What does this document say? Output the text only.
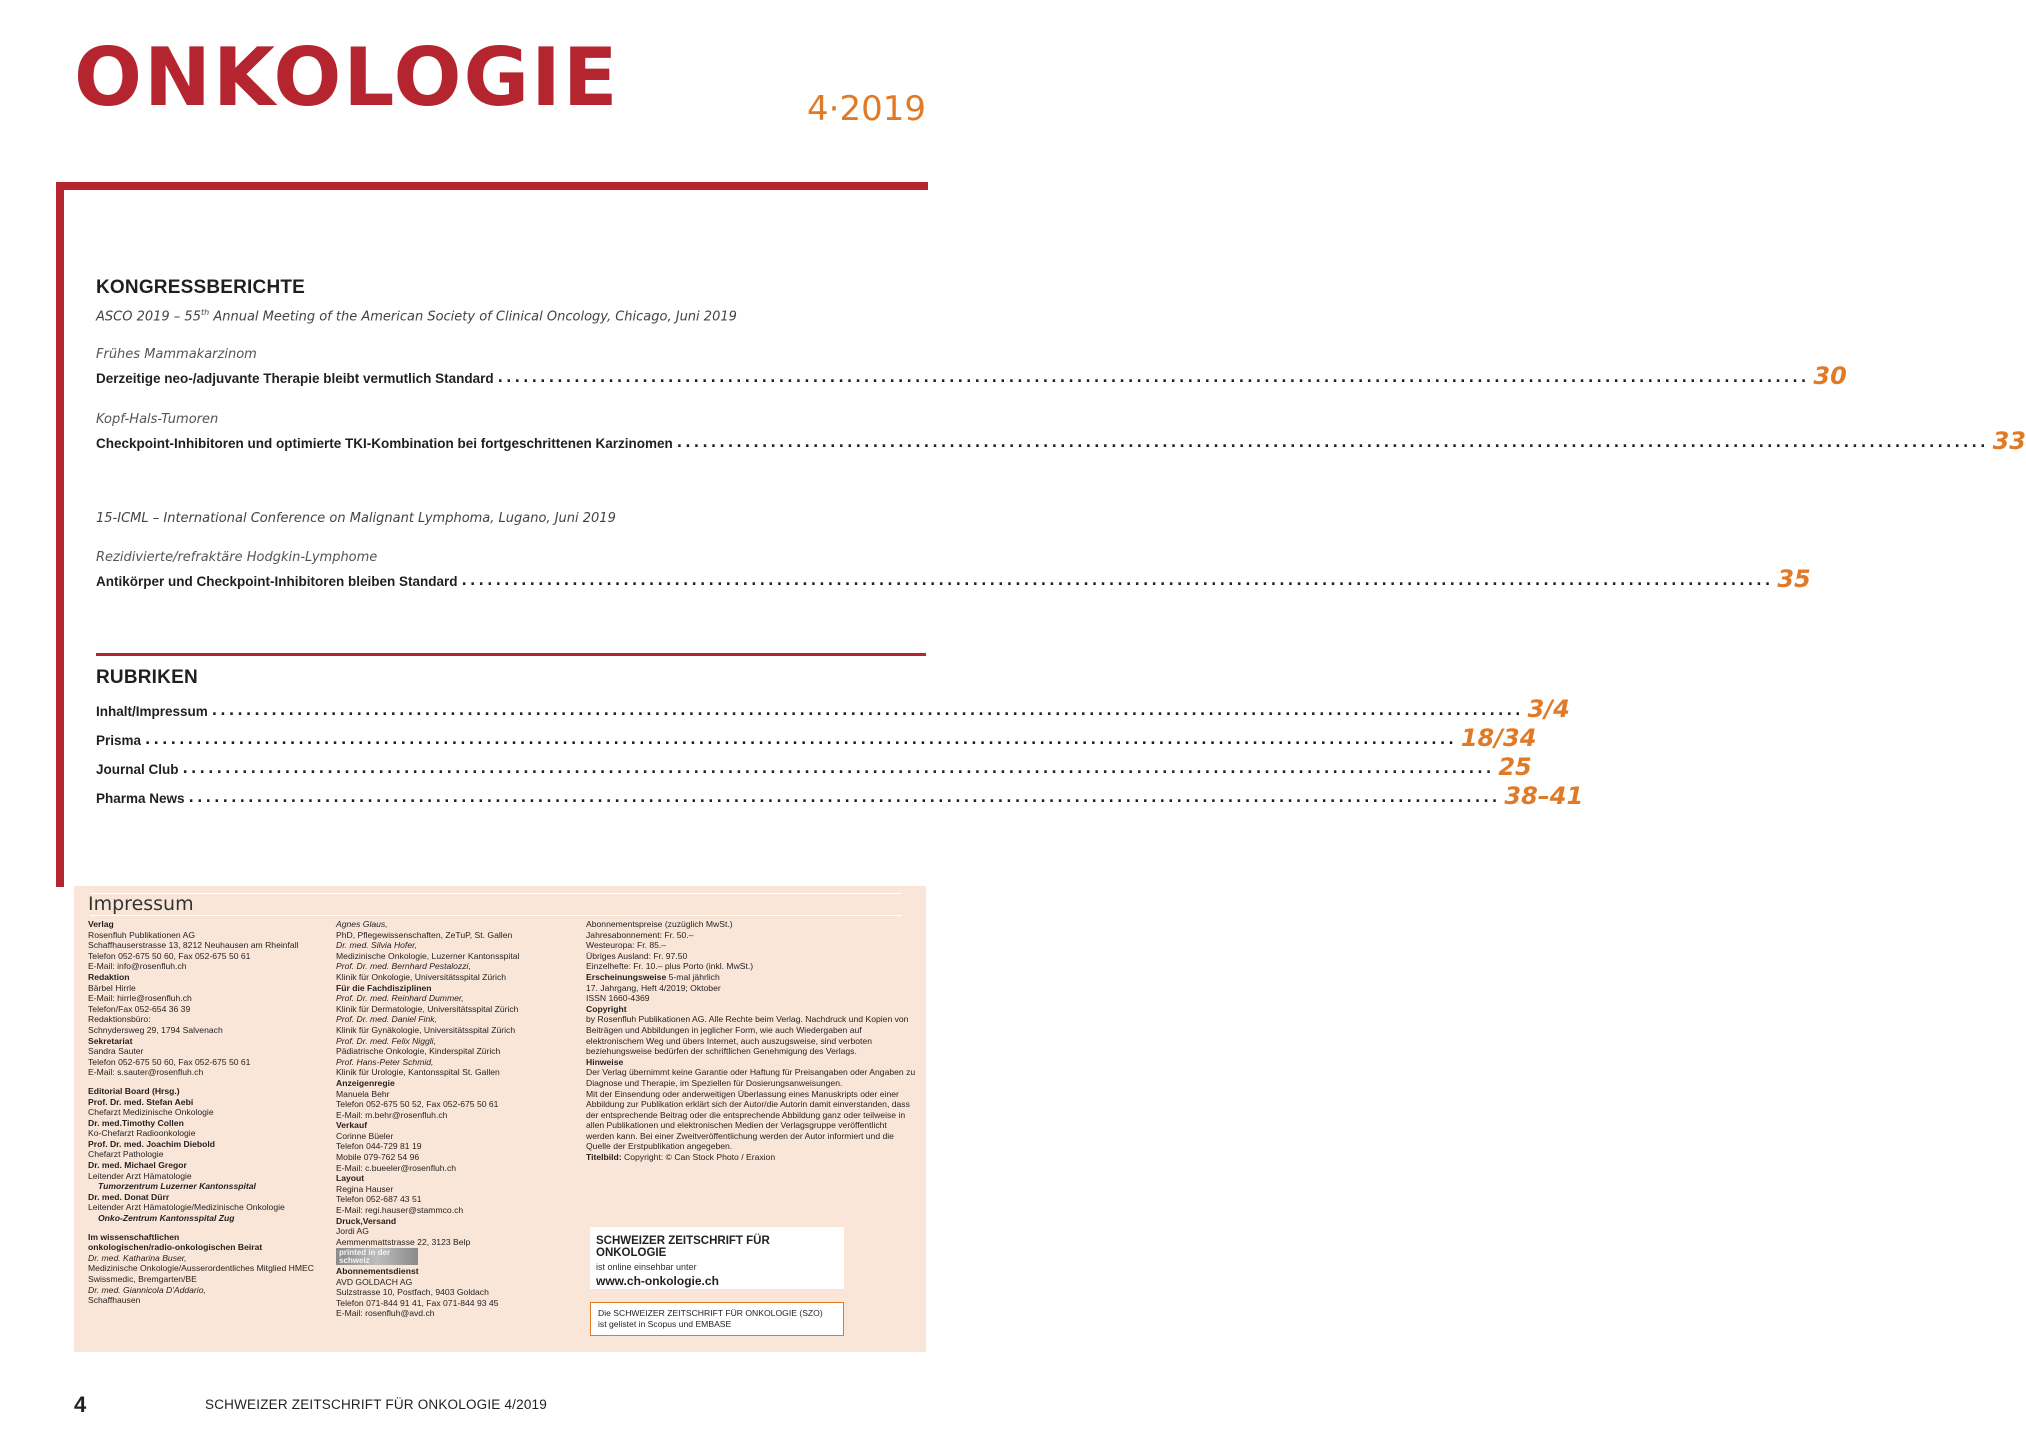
ONKOLOGIE	4·2019
KONGRESSBERICHTE
ASCO 2019 – 55th Annual Meeting of the American Society of Clinical Oncology, Chicago, Juni 2019
Frühes Mammakarzinom
Derzeitige neo-/adjuvante Therapie bleibt vermutlich Standard .......................................................................................................................................................... 30
Kopf-Hals-Tumoren
Checkpoint-Inhibitoren und optimierte TKI-Kombination bei fortgeschrittenen Karzinomen .......................................................................................................................................................... 33
15-ICML – International Conference on Malignant Lymphoma, Lugano, Juni 2019
Rezidivierte/refraktäre Hodgkin-Lymphome
Antikörper und Checkpoint-Inhibitoren bleiben Standard .......................................................................................................................................................... 35
RUBRIKEN
Inhalt/Impressum .......................................................................................................................................................... 3/4
Prisma .......................................................................................................................................................... 18/34
Journal Club .......................................................................................................................................................... 25
Pharma News .......................................................................................................................................................... 38–41
Impressum
Verlag
Rosenfluh Publikationen AG
Schaffhauserstrasse 13, 8212 Neuhausen am Rheinfall
Telefon 052-675 50 60, Fax 052-675 50 61
E-Mail: info@rosenfluh.ch
Redaktion
Bärbel Hirrle
E-Mail: hirrle@rosenfluh.ch
Telefon/Fax 052-654 36 39
Redaktionsbüro:
Schnydersweg 29, 1794 Salvenach
Sekretariat
Sandra Sauter
Telefon 052-675 50 60, Fax 052-675 50 61
E-Mail: s.sauter@rosenfluh.ch
Editorial Board (Hrsg.)
Prof. Dr. med. Stefan Aebi
Chefarzt Medizinische Onkologie
Dr. med.Timothy Collen
Ko-Chefarzt Radioonkologie
Prof. Dr. med. Joachim Diebold
Chefarzt Pathologie
Dr. med. Michael Gregor
Leitender Arzt Hämatologie
Tumorzentrum Luzerner Kantonsspital
Dr. med. Donat Dürr
Leitender Arzt Hämatologie/Medizinische Onkologie
Onko-Zentrum Kantonsspital Zug
Im wissenschaftlichen
onkologischen/radio-onkologischen Beirat
Dr. med. Katharina Buser,
Medizinische Onkologie/Ausserordentliches Mitglied HMEC
Swissmedic, Bremgarten/BE
Dr. med. Giannicola D'Addario,
Schaffhausen
Agnes Glaus,
PhD, Pflegewissenschaften, ZeTuP, St. Gallen
Dr. med. Silvia Hofer,
Medizinische Onkologie, Luzerner Kantonsspital
Prof. Dr. med. Bernhard Pestalozzi,
Klinik für Onkologie, Universitätsspital Zürich
Für die Fachdisziplinen
Prof. Dr. med. Reinhard Dummer,
Klinik für Dermatologie, Universitätsspital Zürich
Prof. Dr. med. Daniel Fink,
Klinik für Gynäkologie, Universitätsspital Zürich
Prof. Dr. med. Felix Niggli,
Pädiatrische Onkologie, Kinderspital Zürich
Prof. Hans-Peter Schmid,
Klinik für Urologie, Kantonsspital St. Gallen
Anzeigenregie
Manuela Behr
Telefon 052-675 50 52, Fax 052-675 50 61
E-Mail: m.behr@rosenfluh.ch
Verkauf
Corinne Büeler
Telefon 044-729 81 19
Mobile 079-762 54 96
E-Mail: c.bueeler@rosenfluh.ch
Layout
Regina Hauser
Telefon 052-687 43 51
E-Mail: regi.hauser@stammco.ch
Druck,Versand
Jordi AG
Aemmenmattstrasse 22, 3123 Belp
printed in der schweiz
Abonnementsdienst
AVD GOLDACH AG
Sulzstrasse 10, Postfach, 9403 Goldach
Telefon 071-844 91 41, Fax 071-844 93 45
E-Mail: rosenfluh@avd.ch
Abonnementspreise (zuzüglich MwSt.)
Jahresabonnement: Fr. 50.–
Westeuropa: Fr. 85.–
Übriges Ausland: Fr. 97.50
Einzelhefte: Fr. 10.– plus Porto (inkl. MwSt.)
Erscheinungsweise 5-mal jährlich
17. Jahrgang, Heft 4/2019; Oktober
ISSN 1660-4369
Copyright
by Rosenfluh Publikationen AG. Alle Rechte beim Verlag. Nachdruck und Kopien von Beiträgen und Abbildungen in jeglicher Form, wie auch Wiedergaben auf elektronischem Weg und übers Internet, auch auszugsweise, sind verboten beziehungsweise bedürfen der schriftlichen Genehmigung des Verlags.
Hinweise
Der Verlag übernimmt keine Garantie oder Haftung für Preisangaben oder Angaben zu Diagnose und Therapie, im Speziellen für Dosierungsanweisungen.
Mit der Einsendung oder anderweitigen Überlassung eines Manuskripts oder einer Abbildung zur Publikation erklärt sich der Autor/die Autorin damit einverstanden, dass der entsprechende Beitrag oder die entsprechende Abbildung ganz oder teilweise in allen Publikationen und elektronischen Medien der Verlagsgruppe veröffentlicht werden kann. Bei einer Zweitveröffentlichung werden der Autor informiert und die Quelle der Erstpublikation angegeben.
Titelbild: Copyright: © Can Stock Photo / Eraxion
SCHWEIZER ZEITSCHRIFT FÜR ONKOLOGIE
ist online einsehbar unter
www.ch-onkologie.ch
Die SCHWEIZER ZEITSCHRIFT FÜR ONKOLOGIE (SZO)
ist gelistet in Scopus und EMBASE
4	SCHWEIZER ZEITSCHRIFT FÜR ONKOLOGIE 4/2019
